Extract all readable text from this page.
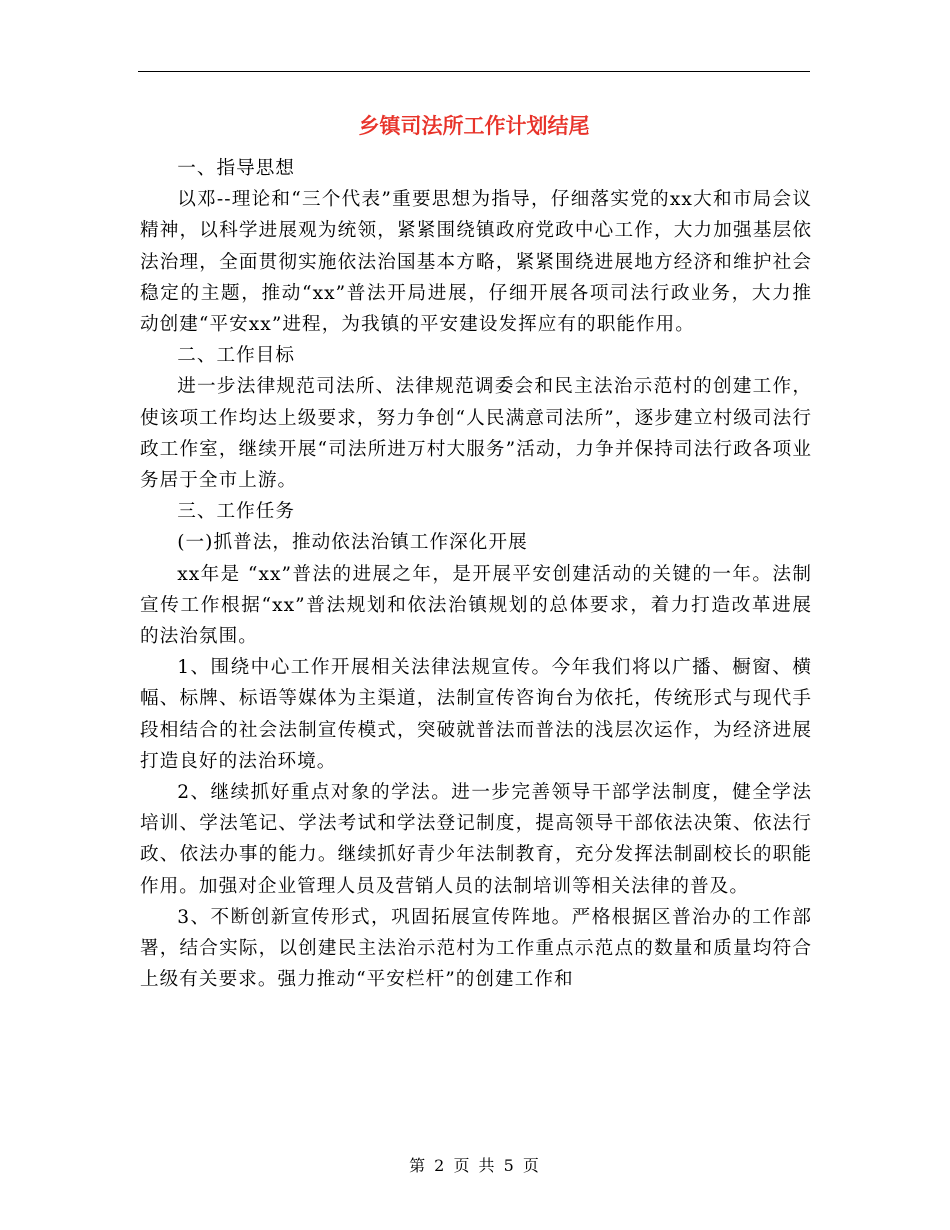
乡镇司法所工作计划结尾

一、指导思想

以邓--理论和“三个代表”重要思想为指导，仔细落实党的xx大和市局会议精神，以科学进展观为统领，紧紧围绕镇政府党政中心工作，大力加强基层依法治理，全面贯彻实施依法治国基本方略，紧紧围绕进展地方经济和维护社会稳定的主题，推动“xx”普法开局进展，仔细开展各项司法行政业务，大力推动创建“平安xx”进程，为我镇的平安建设发挥应有的职能作用。

二、工作目标

进一步法律规范司法所、法律规范调委会和民主法治示范村的创建工作，使该项工作均达上级要求，努力争创“人民满意司法所”，逐步建立村级司法行政工作室，继续开展“司法所进万村大服务”活动，力争并保持司法行政各项业务居于全市上游。

三、工作任务

(一)抓普法，推动依法治镇工作深化开展

xx年是 “xx”普法的进展之年，是开展平安创建活动的关键的一年。法制宣传工作根据“xx”普法规划和依法治镇规划的总体要求，着力打造改革进展的法治氛围。

1、围绕中心工作开展相关法律法规宣传。今年我们将以广播、橱窗、横幅、标牌、标语等媒体为主渠道，法制宣传咨询台为依托，传统形式与现代手段相结合的社会法制宣传模式，突破就普法而普法的浅层次运作，为经济进展打造良好的法治环境。

2、继续抓好重点对象的学法。进一步完善领导干部学法制度，健全学法培训、学法笔记、学法考试和学法登记制度，提高领导干部依法决策、依法行政、依法办事的能力。继续抓好青少年法制教育，充分发挥法制副校长的职能作用。加强对企业管理人员及营销人员的法制培训等相关法律的普及。

3、不断创新宣传形式，巩固拓展宣传阵地。严格根据区普治办的工作部署，结合实际，以创建民主法治示范村为工作重点示范点的数量和质量均符合上级有关要求。强力推动“平安栏杆”的创建工作和

第 2 页 共 5 页
